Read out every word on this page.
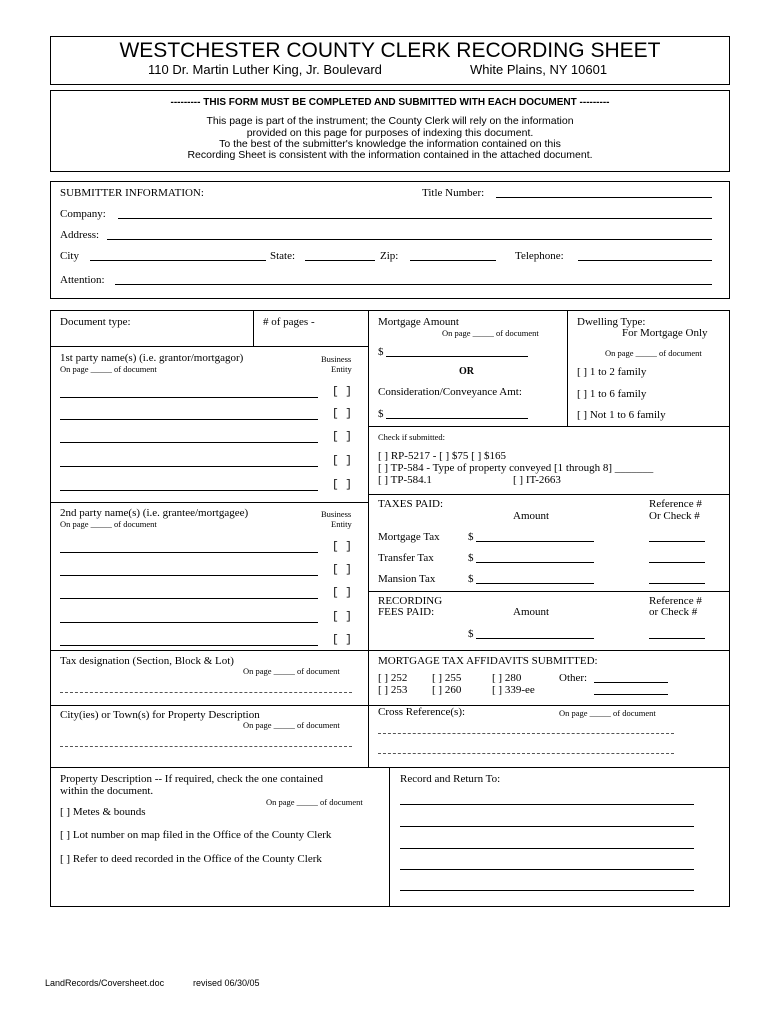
WESTCHESTER COUNTY CLERK RECORDING SHEET
110 Dr. Martin Luther King, Jr. Boulevard	White Plains, NY 10601
--------- THIS FORM MUST BE COMPLETED AND SUBMITTED WITH EACH DOCUMENT ---------
This page is part of the instrument; the County Clerk will rely on the information
provided on this page for purposes of indexing this document.
To the best of the submitter's knowledge the information contained on this
Recording Sheet is consistent with the information contained in the attached document.
SUBMITTER INFORMATION:	Title Number:
Company:
Address:
City	State:	Zip:	Telephone:
Attention:
Document type:	# of pages -	Mortgage Amount
On page _____ of document
$
OR
Consideration/Conveyance Amt:
$
Dwelling Type:
For Mortgage Only
On page _____ of document
[ ] 1 to 2 family
[ ] 1 to 6 family
[ ] Not 1 to 6 family
Check if submitted:
[ ] RP-5217 - [ ] $75 [ ] $165
[ ] TP-584 - Type of property conveyed [1 through 8] _______
[ ] TP-584.1	[ ] IT-2663
1st party name(s) (i.e. grantor/mortgagor)
On page _____ of document
Business
Entity
[ ]
[ ]
[ ]
[ ]
[ ]
2nd party name(s) (i.e. grantee/mortgagee)
On page _____ of document
Business
Entity
[ ]
[ ]
[ ]
[ ]
[ ]
TAXES PAID:
Amount
Reference #
Or Check #
Mortgage Tax	$
Transfer Tax	$
Mansion Tax	$
RECORDING
FEES PAID:	Amount
Reference #
or Check #
$
Tax designation (Section, Block & Lot)
On page _____ of document
MORTGAGE TAX AFFIDAVITS SUBMITTED:
[ ] 252 [ ] 255	[ ] 280	Other:
[ ] 253 [ ] 260	[ ] 339-ee
City(ies) or Town(s) for Property Description
On page _____ of document
Cross Reference(s):	On page _____ of document
Property Description -- If required, check the one contained
within the document.
On page _____ of document
[ ] Metes & bounds
[ ] Lot number on map filed in the Office of the County Clerk
[ ] Refer to deed recorded in the Office of the County Clerk
Record and Return To:
LandRecords/Coversheet.doc	revised 06/30/05
